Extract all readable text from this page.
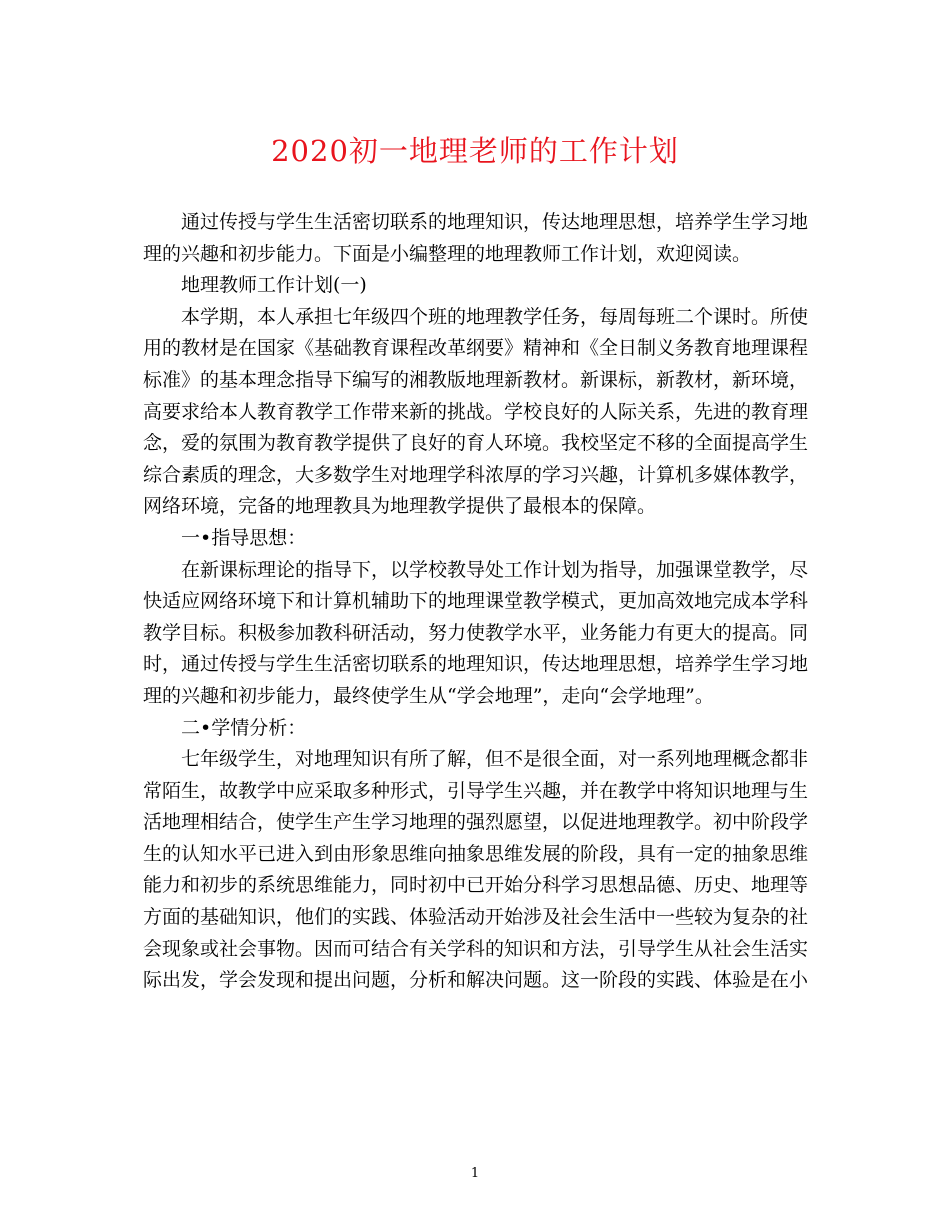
2020初一地理老师的工作计划

通过传授与学生生活密切联系的地理知识，传达地理思想，培养学生学习地理的兴趣和初步能力。下面是小编整理的地理教师工作计划，欢迎阅读。

地理教师工作计划(一)

本学期，本人承担七年级四个班的地理教学任务，每周每班二个课时。所使用的教材是在国家《基础教育课程改革纲要》精神和《全日制义务教育地理课程标准》的基本理念指导下编写的湘教版地理新教材。新课标，新教材，新环境，高要求给本人教育教学工作带来新的挑战。学校良好的人际关系，先进的教育理念，爱的氛围为教育教学提供了良好的育人环境。我校坚定不移的全面提高学生综合素质的理念，大多数学生对地理学科浓厚的学习兴趣，计算机多媒体教学，网络环境，完备的地理教具为地理教学提供了最根本的保障。

一•指导思想：

在新课标理论的指导下，以学校教导处工作计划为指导，加强课堂教学，尽快适应网络环境下和计算机辅助下的地理课堂教学模式，更加高效地完成本学科教学目标。积极参加教科研活动，努力使教学水平，业务能力有更大的提高。同时，通过传授与学生生活密切联系的地理知识，传达地理思想，培养学生学习地理的兴趣和初步能力，最终使学生从“学会地理”，走向“会学地理”。

二•学情分析：

七年级学生，对地理知识有所了解，但不是很全面，对一系列地理概念都非常陌生，故教学中应采取多种形式，引导学生兴趣，并在教学中将知识地理与生活地理相结合，使学生产生学习地理的强烈愿望，以促进地理教学。初中阶段学生的认知水平已进入到由形象思维向抽象思维发展的阶段，具有一定的抽象思维能力和初步的系统思维能力，同时初中已开始分科学习思想品德、历史、地理等方面的基础知识，他们的实践、体验活动开始涉及社会生活中一些较为复杂的社会现象或社会事物。因而可结合有关学科的知识和方法，引导学生从社会生活实际出发，学会发现和提出问题，分析和解决问题。这一阶段的实践、体验是在小

1
